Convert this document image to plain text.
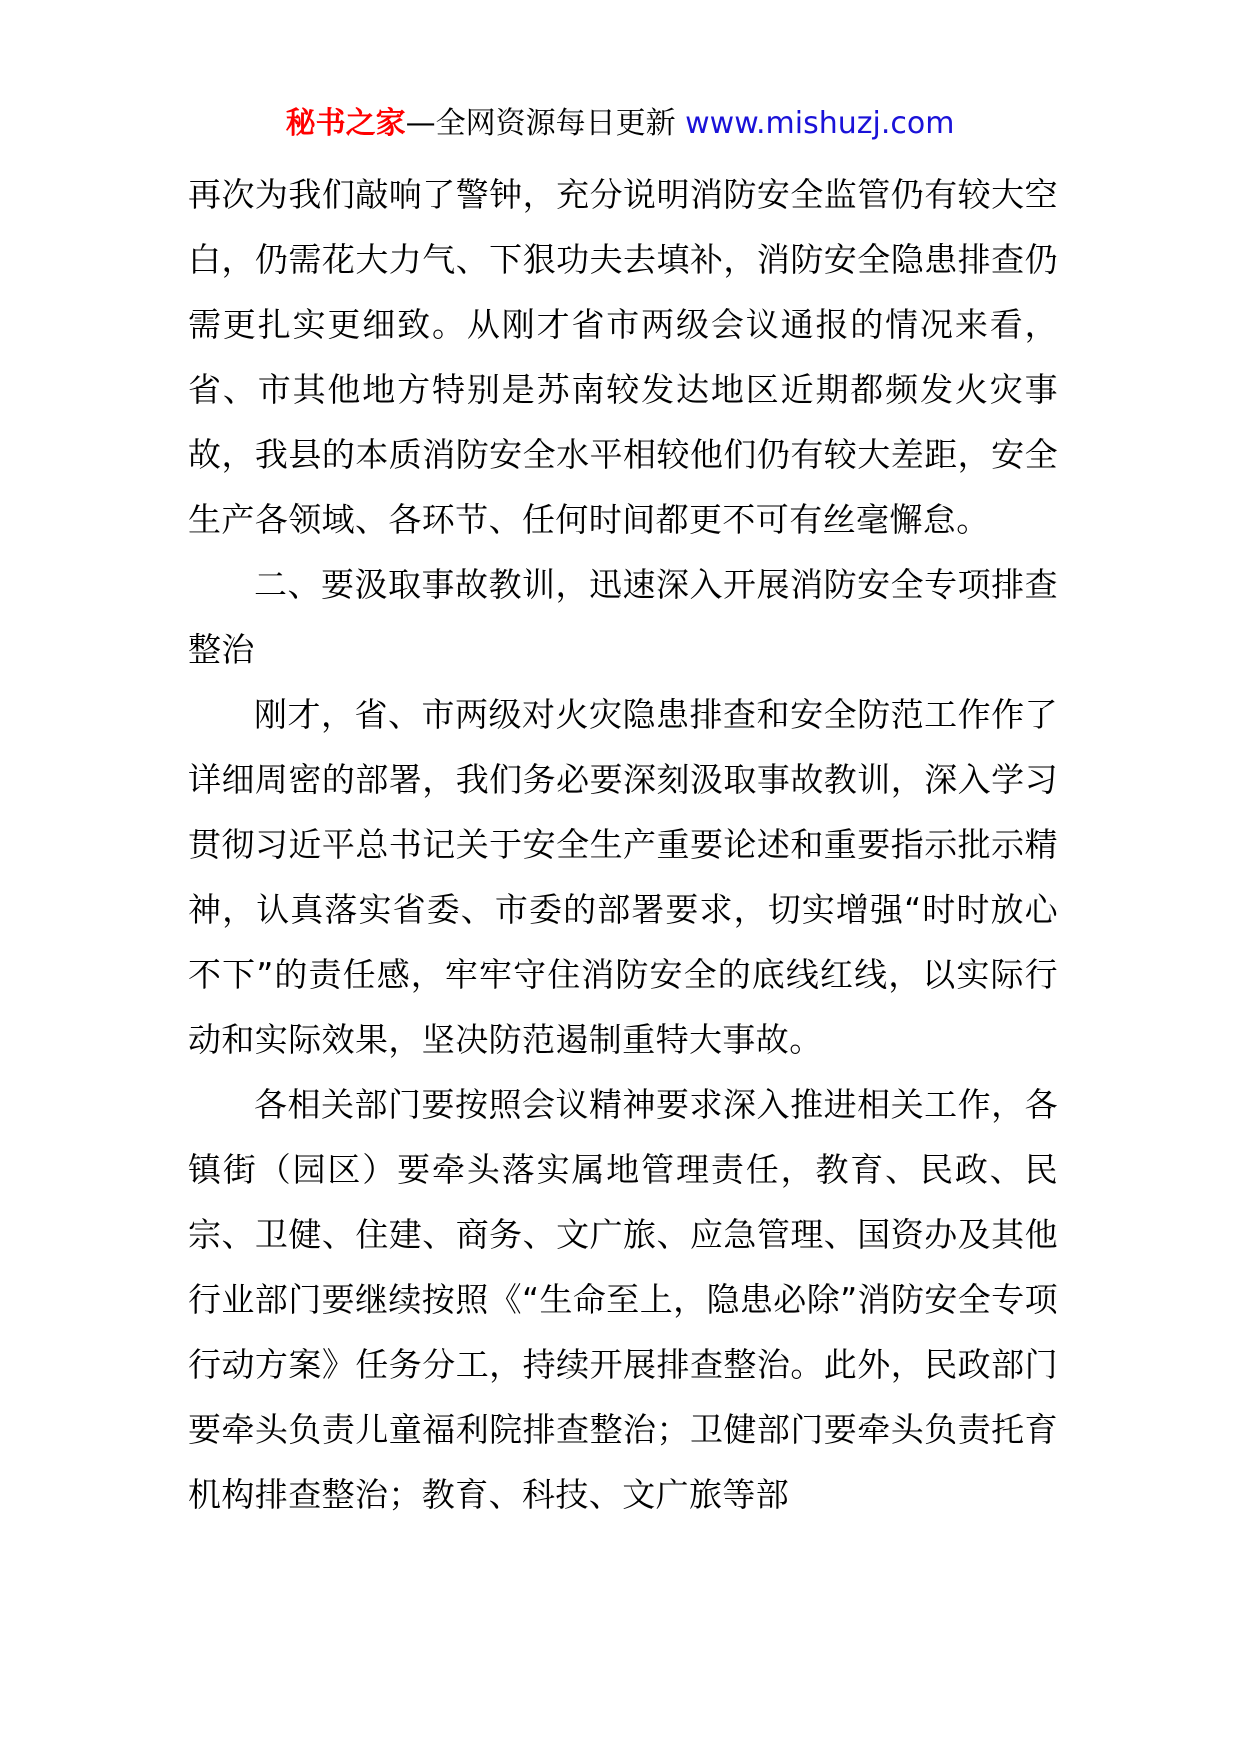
秘书之家—全网资源每日更新 www.mishuzj.com

再次为我们敲响了警钟，充分说明消防安全监管仍有较大空白，仍需花大力气、下狠功夫去填补，消防安全隐患排查仍需更扎实更细致。从刚才省市两级会议通报的情况来看，省、市其他地方特别是苏南较发达地区近期都频发火灾事故，我县的本质消防安全水平相较他们仍有较大差距，安全生产各领域、各环节、任何时间都更不可有丝毫懈怠。

二、要汲取事故教训，迅速深入开展消防安全专项排查整治

刚才，省、市两级对火灾隐患排查和安全防范工作作了详细周密的部署，我们务必要深刻汲取事故教训，深入学习贯彻习近平总书记关于安全生产重要论述和重要指示批示精神，认真落实省委、市委的部署要求，切实增强“时时放心不下”的责任感，牢牢守住消防安全的底线红线，以实际行动和实际效果，坚决防范遏制重特大事故。

各相关部门要按照会议精神要求深入推进相关工作，各镇街（园区）要牵头落实属地管理责任，教育、民政、民宗、卫健、住建、商务、文广旅、应急管理、国资办及其他行业部门要继续按照《“生命至上，隐患必除”消防安全专项行动方案》任务分工，持续开展排查整治。此外，民政部门要牵头负责儿童福利院排查整治；卫健部门要牵头负责托育机构排查整治；教育、科技、文广旅等部
